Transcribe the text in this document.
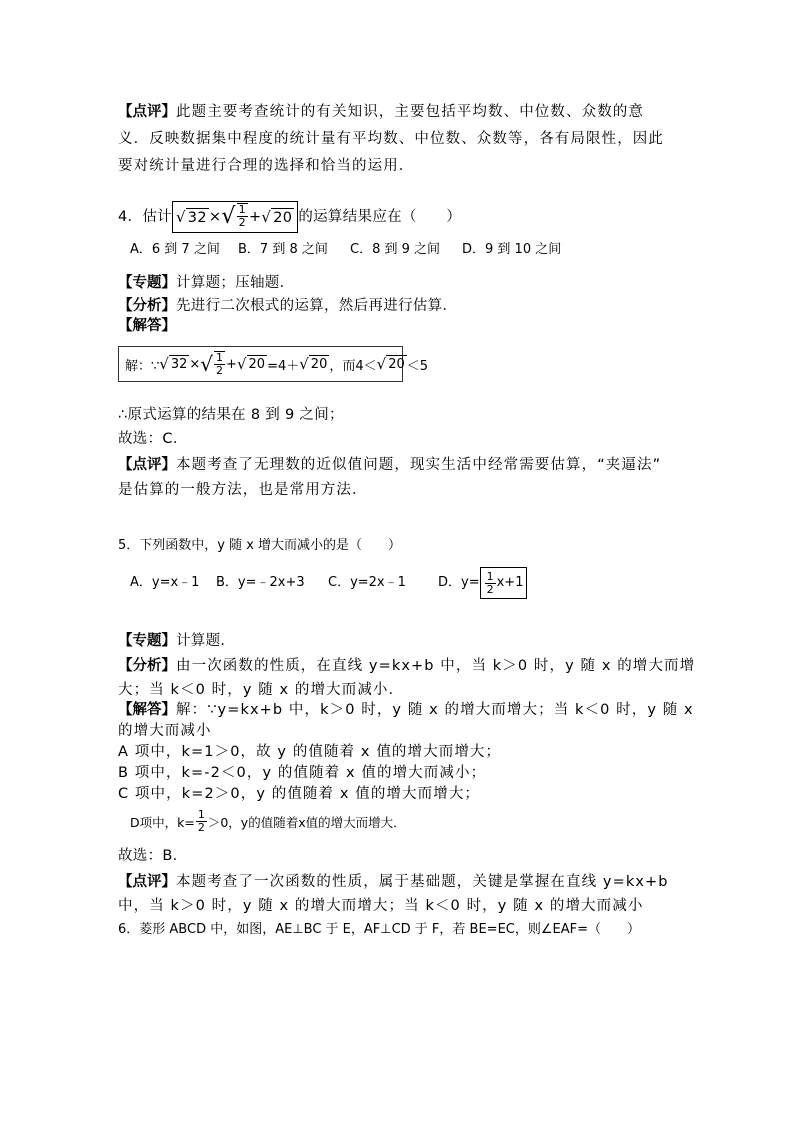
【点评】此题主要考查统计的有关知识，主要包括平均数、中位数、众数的意
义．反映数据集中程度的统计量有平均数、中位数、众数等，各有局限性，因此
要对统计量进行合理的选择和恰当的运用．
4．估计 √ 32 × √ $\frac{1}{2}$ + √ 20 的运算结果应在（　　）
A．6 到 7 之间 B．7 到 8 之间 C．8 到 9 之间 D．9 到 10 之间
【专题】计算题；压轴题．
【分析】先进行二次根式的运算，然后再进行估算．
【解答】
解：∵ √ 32 × √ $\frac{1}{2}$ + √ 20 =4＋ √ 20 ，而4＜ √ 20 ＜5
∴原式运算的结果在 8 到 9 之间；
故选：C．
【点评】本题考查了无理数的近似值问题，现实生活中经常需要估算，“夹逼法”
是估算的一般方法，也是常用方法．
5．下列函数中，y 随 x 增大而减小的是（　　）
A．y=x﹣1	B．y=﹣2x+3	C．y=2x﹣1	D．$y= \frac{1}{2} x+1$
【专题】计算题．
【分析】由一次函数的性质，在直线 y=kx+b 中，当 k＞0 时，y 随 x 的增大而增
大；当 k＜0 时，y 随 x 的增大而减小．
【解答】解：∵y=kx+b 中，k＞0 时，y 随 x 的增大而增大；当 k＜0 时，y 随 x
的增大而减小
A 项中，k=1＞0，故 y 的值随着 x 值的增大而增大；
B 项中，k=-2＜0，y 的值随着 x 值的增大而减小；
C 项中，k=2＞0，y 的值随着 x 值的增大而增大；
D项中，$k= \frac{1}{2} >0$，y的值随着x值的增大而增大．
故选：B．
【点评】本题考查了一次函数的性质，属于基础题，关键是掌握在直线 y=kx+b
中，当 k＞0 时，y 随 x 的增大而增大；当 k＜0 时，y 随 x 的增大而减小
6．菱形 ABCD 中，如图，AE⊥BC 于 E，AF⊥CD 于 F，若 BE=EC，则∠EAF=（　　）
